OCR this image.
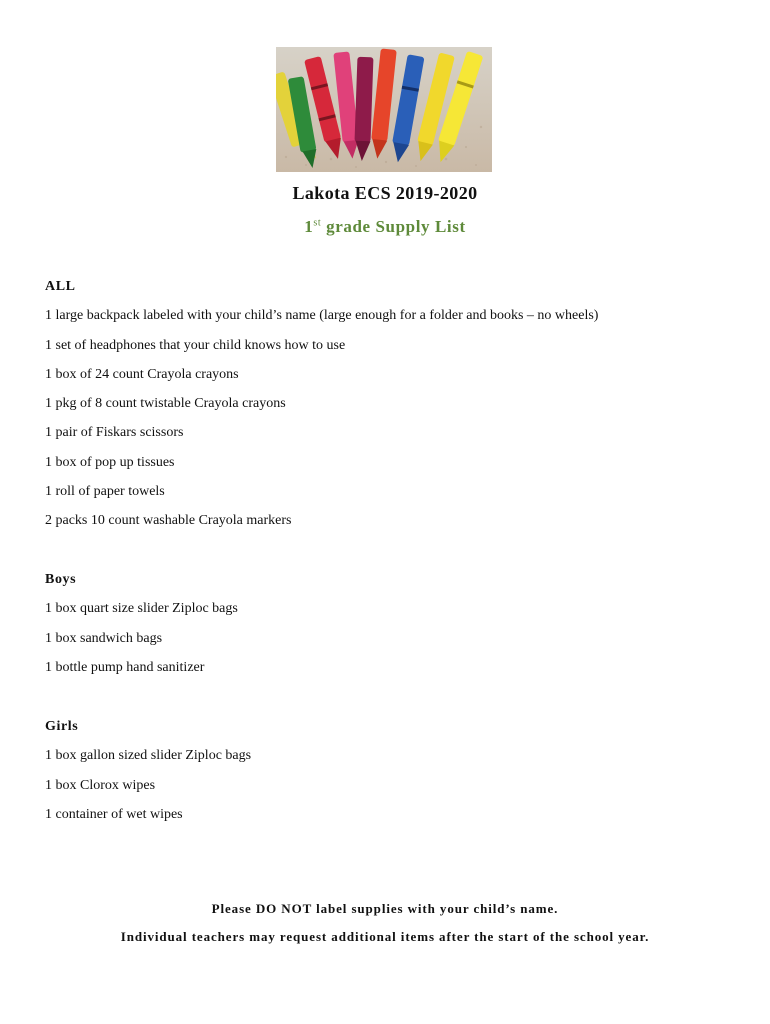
Lakota ECS 2019-2020
1st grade Supply List
ALL
1 large backpack labeled with your child’s name (large enough for a folder and books – no wheels)
1 set of headphones that your child knows how to use
1 box of 24 count Crayola crayons
1 pkg of 8 count twistable Crayola crayons
1 pair of Fiskars scissors
1 box of pop up tissues
1 roll of paper towels
2 packs 10 count washable Crayola markers
Boys
1 box quart size slider Ziploc bags
1 box sandwich bags
1 bottle pump hand sanitizer
Girls
1 box gallon sized slider Ziploc bags
1 box Clorox wipes
1 container of wet wipes
Please DO NOT label supplies with your child’s name.
Individual teachers may request additional items after the start of the school year.
